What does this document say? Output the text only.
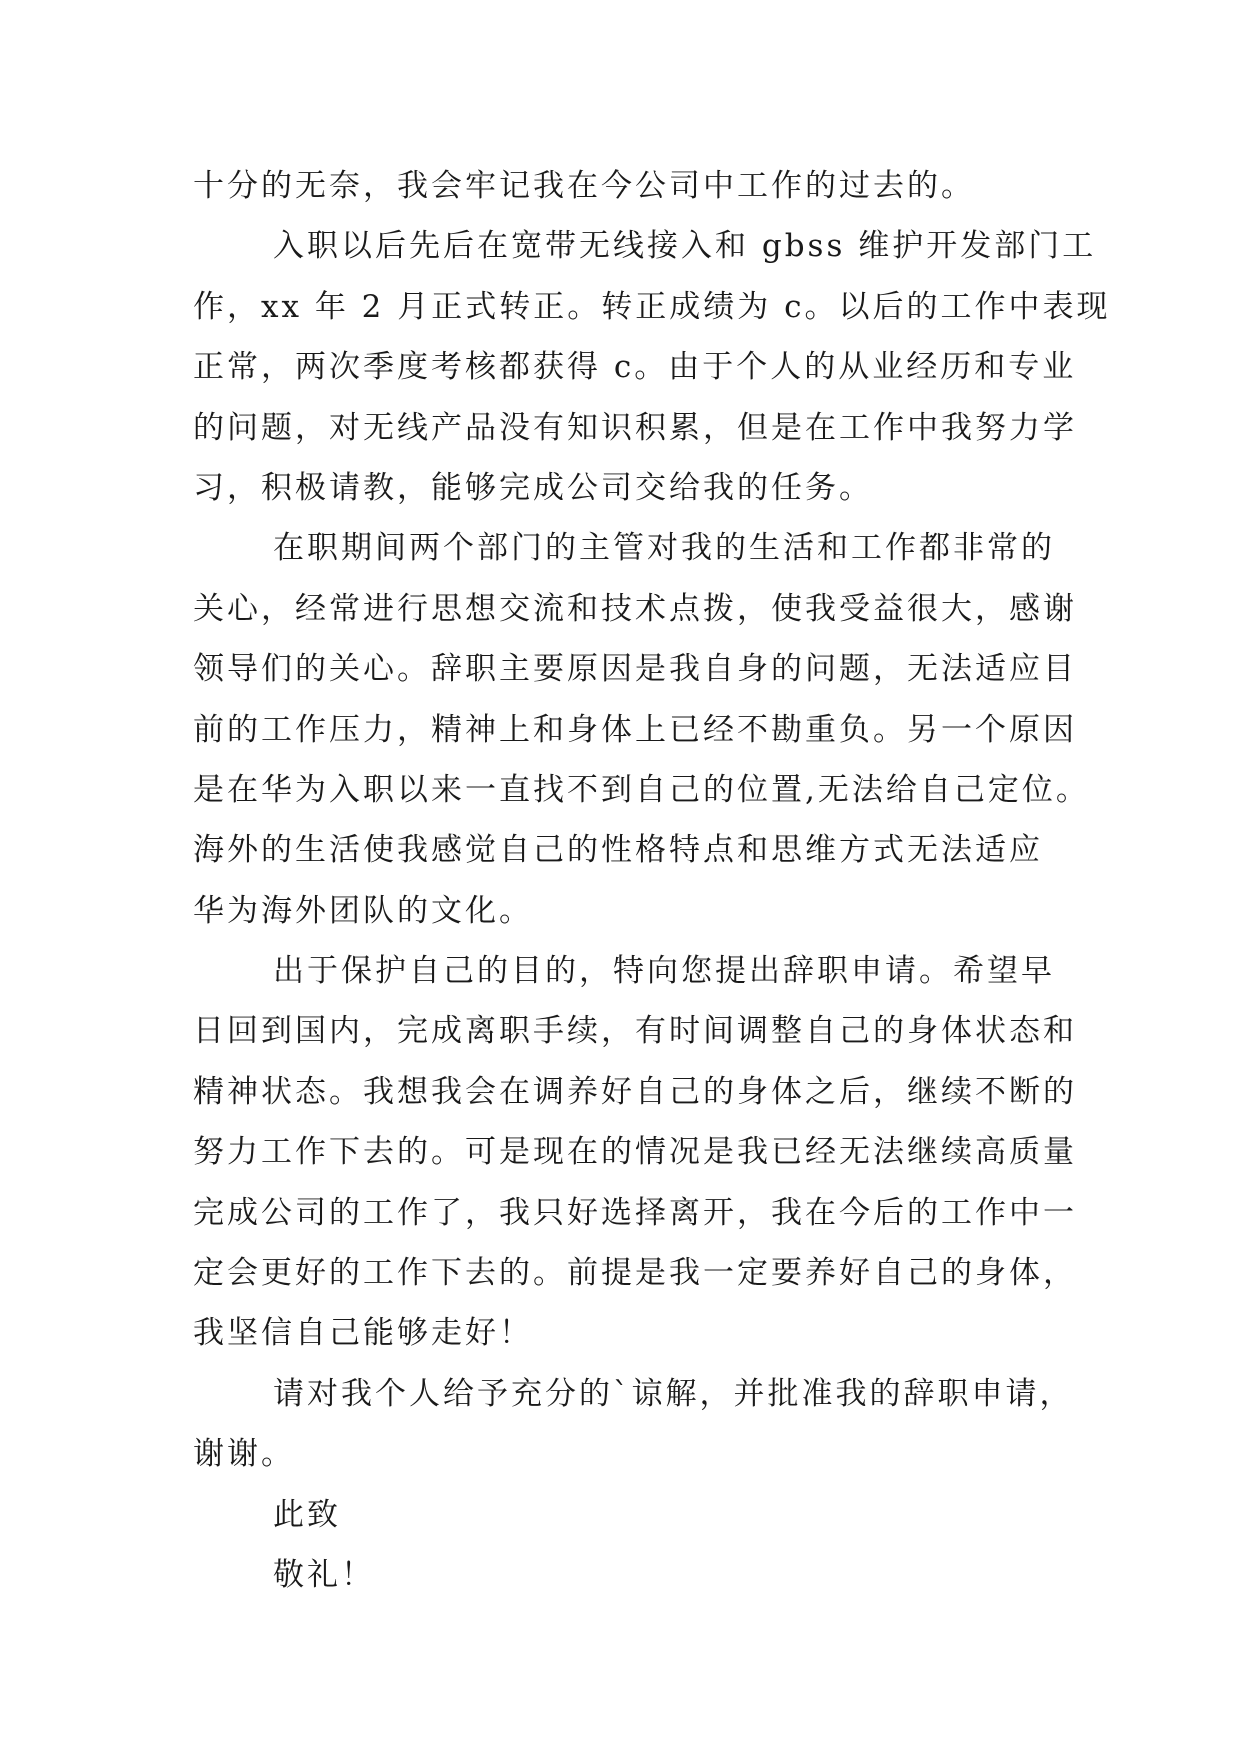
十分的无奈，我会牢记我在今公司中工作的过去的。
入职以后先后在宽带无线接入和 gbss 维护开发部门工
作，xx 年 2 月正式转正。转正成绩为 c。以后的工作中表现
正常，两次季度考核都获得 c。由于个人的从业经历和专业
的问题，对无线产品没有知识积累，但是在工作中我努力学
习，积极请教，能够完成公司交给我的任务。
在职期间两个部门的主管对我的生活和工作都非常的
关心，经常进行思想交流和技术点拨，使我受益很大，感谢
领导们的关心。辞职主要原因是我自身的问题，无法适应目
前的工作压力，精神上和身体上已经不勘重负。另一个原因
是在华为入职以来一直找不到自己的位置,无法给自己定位。
海外的生活使我感觉自己的性格特点和思维方式无法适应
华为海外团队的文化。
出于保护自己的目的，特向您提出辞职申请。希望早
日回到国内，完成离职手续，有时间调整自己的身体状态和
精神状态。我想我会在调养好自己的身体之后，继续不断的
努力工作下去的。可是现在的情况是我已经无法继续高质量
完成公司的工作了，我只好选择离开，我在今后的工作中一
定会更好的工作下去的。前提是我一定要养好自己的身体，
我坚信自己能够走好！
请对我个人给予充分的`谅解，并批准我的辞职申请，
谢谢。
此致
敬礼！
